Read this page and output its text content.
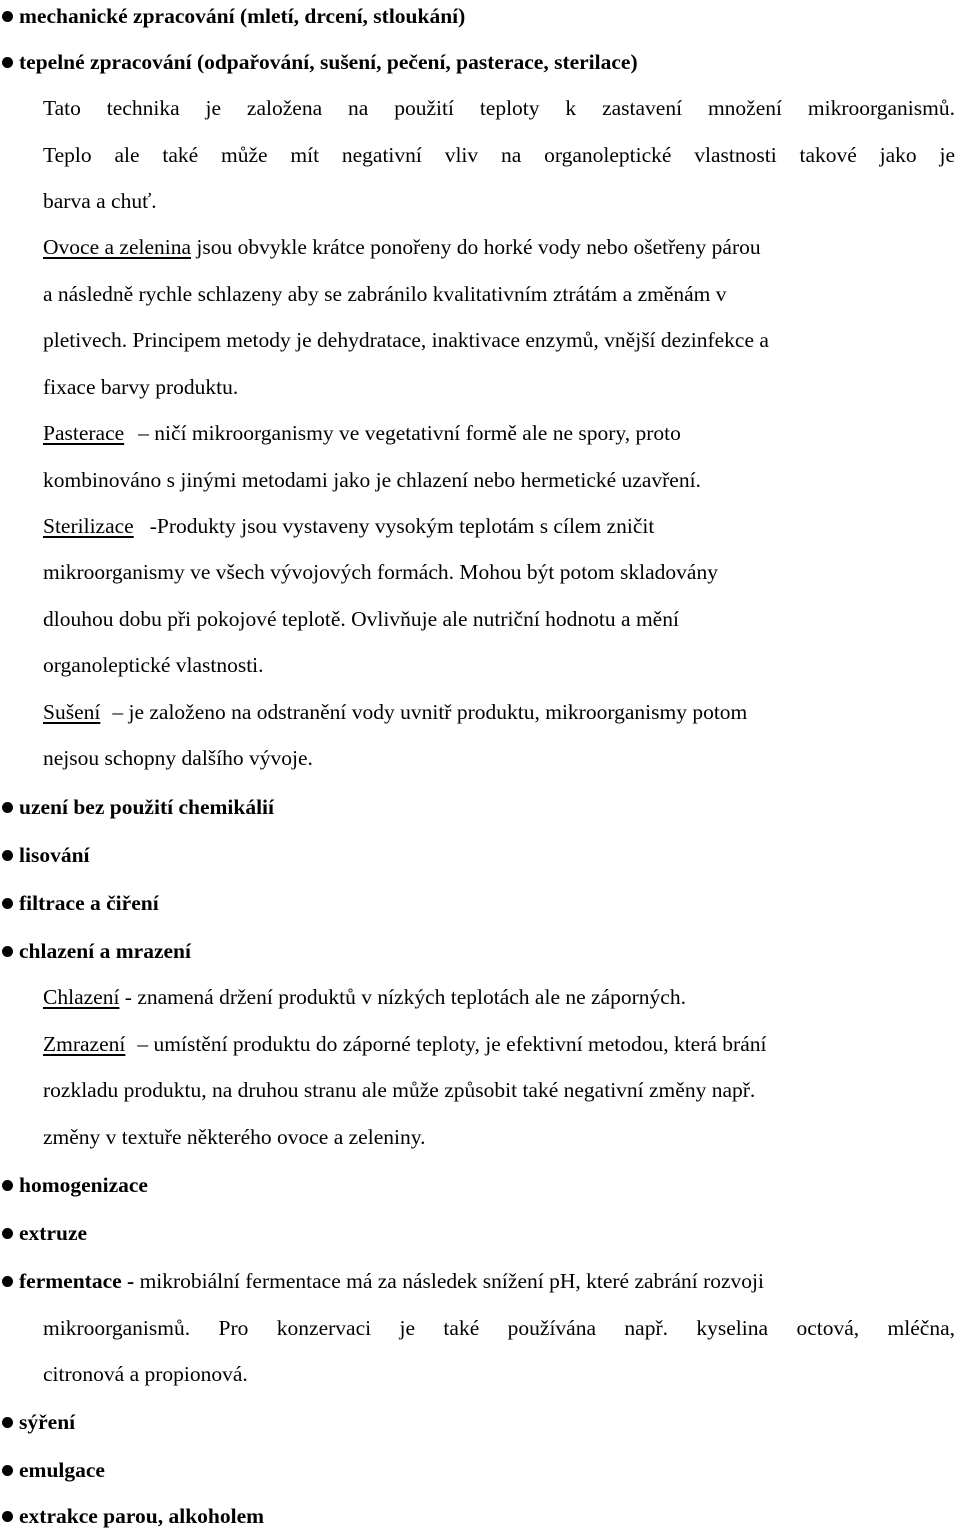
mechanické zpracování (mletí, drcení, stloukání)
tepelné zpracování (odpařování, sušení, pečení, pasterace, sterilace)
Tato technika je založena na použití teploty k zastavení množení mikroorganismů.
Teplo ale také může mít negativní vliv na organoleptické vlastnosti takové jako je
barva a chuť.
Ovoce a zelenina jsou obvykle krátce ponořeny do horké vody nebo ošetřeny párou
a následně rychle schlazeny aby se zabránilo kvalitativním ztrátám a změnám v
pletivech. Principem metody je dehydratace, inaktivace enzymů, vnější dezinfekce a
fixace barvy produktu.
Pasterace – ničí mikroorganismy ve vegetativní formě ale ne spory, proto
kombinováno s jinými metodami jako je chlazení nebo hermetické uzavření.
Sterilizace -Produkty jsou vystaveny vysokým teplotám s cílem zničit
mikroorganismy ve všech vývojových formách. Mohou být potom skladovány
dlouhou dobu při pokojové teplotě. Ovlivňuje ale nutriční hodnotu a mění
organoleptické vlastnosti.
Sušení – je založeno na odstranění vody uvnitř produktu, mikroorganismy potom
nejsou schopny dalšího vývoje.
uzení bez použití chemikálií
lisování
filtrace a čiření
chlazení a mrazení
Chlazení - znamená držení produktů v nízkých teplotách ale ne záporných.
Zmrazení – umístění produktu do záporné teploty, je efektivní metodou, která brání
rozkladu produktu, na druhou stranu ale může způsobit také negativní změny např.
změny v textuře některého ovoce a zeleniny.
homogenizace
extruze
fermentace - mikrobiální fermentace má za následek snížení pH, které zabrání rozvoji
mikroorganismů. Pro konzervaci je také používána např. kyselina octová, mléčna,
citronová a propionová.
sýření
emulgace
extrakce parou, alkoholem
